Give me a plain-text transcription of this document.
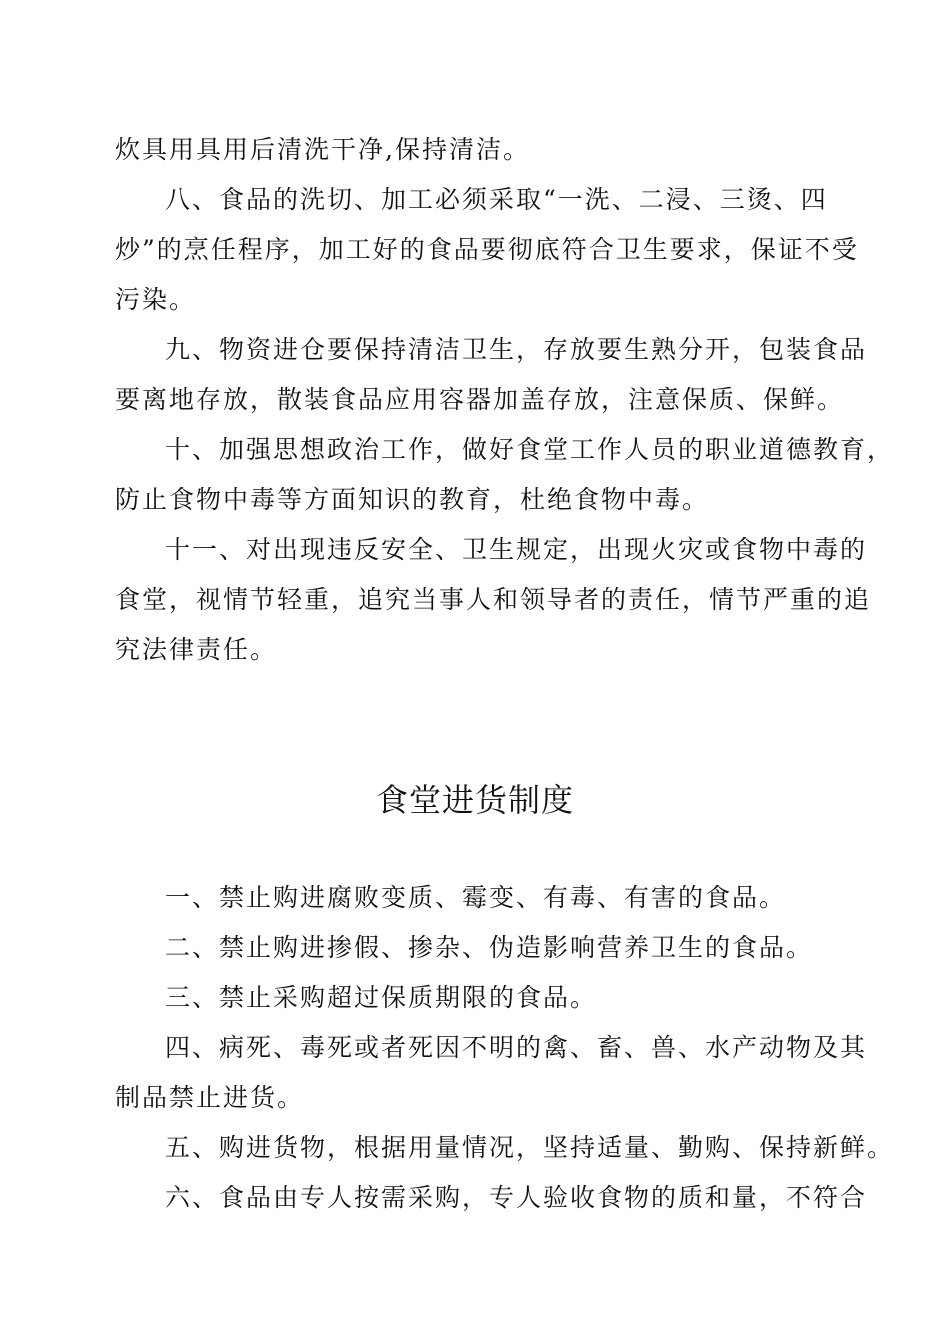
炊具用具用后清洗干净,保持清洁。
八、食品的洗切、加工必须采取“一洗、二浸、三烫、四
炒”的烹任程序，加工好的食品要彻底符合卫生要求，保证不受
污染。
九、物资进仓要保持清洁卫生，存放要生熟分开，包装食品
要离地存放，散装食品应用容器加盖存放，注意保质、保鲜。
十、加强思想政治工作，做好食堂工作人员的职业道德教育，
防止食物中毒等方面知识的教育，杜绝食物中毒。
十一、对出现违反安全、卫生规定，出现火灾或食物中毒的
食堂，视情节轻重，追究当事人和领导者的责任，情节严重的追
究法律责任。
食堂进货制度
一、禁止购进腐败变质、霉变、有毒、有害的食品。
二、禁止购进掺假、掺杂、伪造影响营养卫生的食品。
三、禁止采购超过保质期限的食品。
四、病死、毒死或者死因不明的禽、畜、兽、水产动物及其
制品禁止进货。
五、购进货物，根据用量情况，坚持适量、勤购、保持新鲜。
六、食品由专人按需采购，专人验收食物的质和量，不符合
